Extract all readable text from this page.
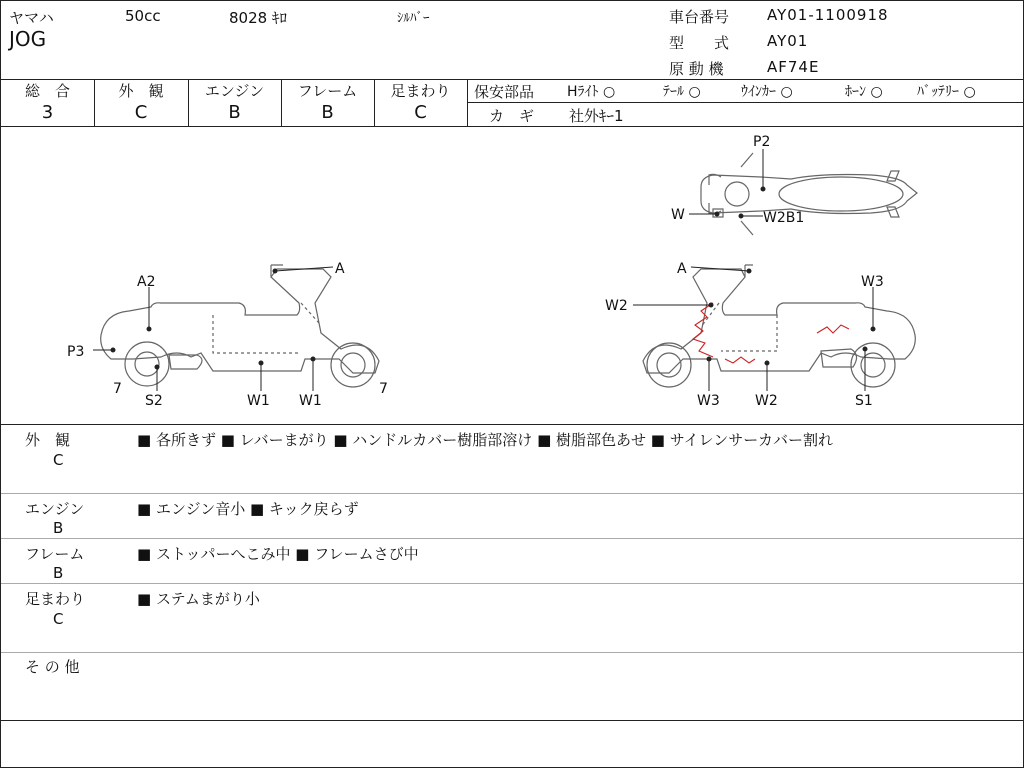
ヤマハ	50cc	8028 ｷﾛ	ｼﾙﾊﾞｰ
JOG
車台番号	AY01-1100918
型　　式	AY01
原 動 機	AF74E
総　合
3
外　観
C
エンジン
B
フレーム
B
足まわり
C
保安部品 Hﾗｲﾄ ○	ﾃｰﾙ ○	ｳｲﾝｶｰ ○	ﾎｰﾝ ○ ﾊﾞｯﾃﾘｰ ○
カ　ギ 社外ｷｰ1
A
A2
P3
7
S2	W1 W1
7
A
W2
W3
W3	W2	S1
P2
W	W2B1
外　観
C
■ 各所きず ■ レバーまがり ■ ハンドルカバー樹脂部溶け ■ 樹脂部色あせ ■ サイレンサーカバー割れ
エンジン
B
■ エンジン音小 ■ キック戻らず
フレーム
B
■ ストッパーへこみ中 ■ フレームさび中
足まわり
C
■ ステムまがり小
そ の 他
